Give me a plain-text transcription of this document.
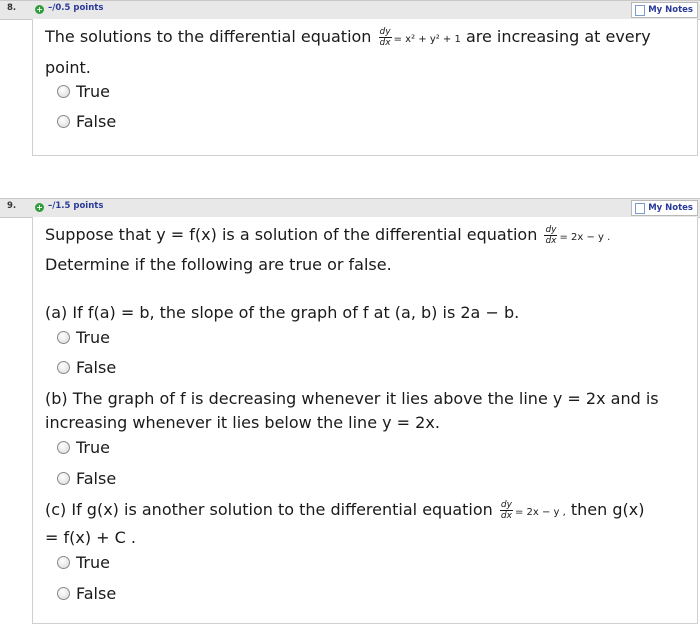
8. + –/0.5 points	My Notes
The solutions to the differential equation $\frac{dy}{dx} = x^2 + y^2 + 1$ are increasing at every
point.
True
False
9. + –/1.5 points	My Notes
Suppose that y = f(x) is a solution of the differential equation $\frac{dy}{dx} = 2x - y$ .
Determine if the following are true or false.
(a) If f(a) = b, the slope of the graph of f at (a, b) is 2a − b.
True
False
(b) The graph of f is decreasing whenever it lies above the line y = 2x and is
increasing whenever it lies below the line y = 2x.
True
False
(c) If g(x) is another solution to the differential equation $\frac{dy}{dx} = 2x - y$ , then g(x)
= f(x) + C .
True
False
